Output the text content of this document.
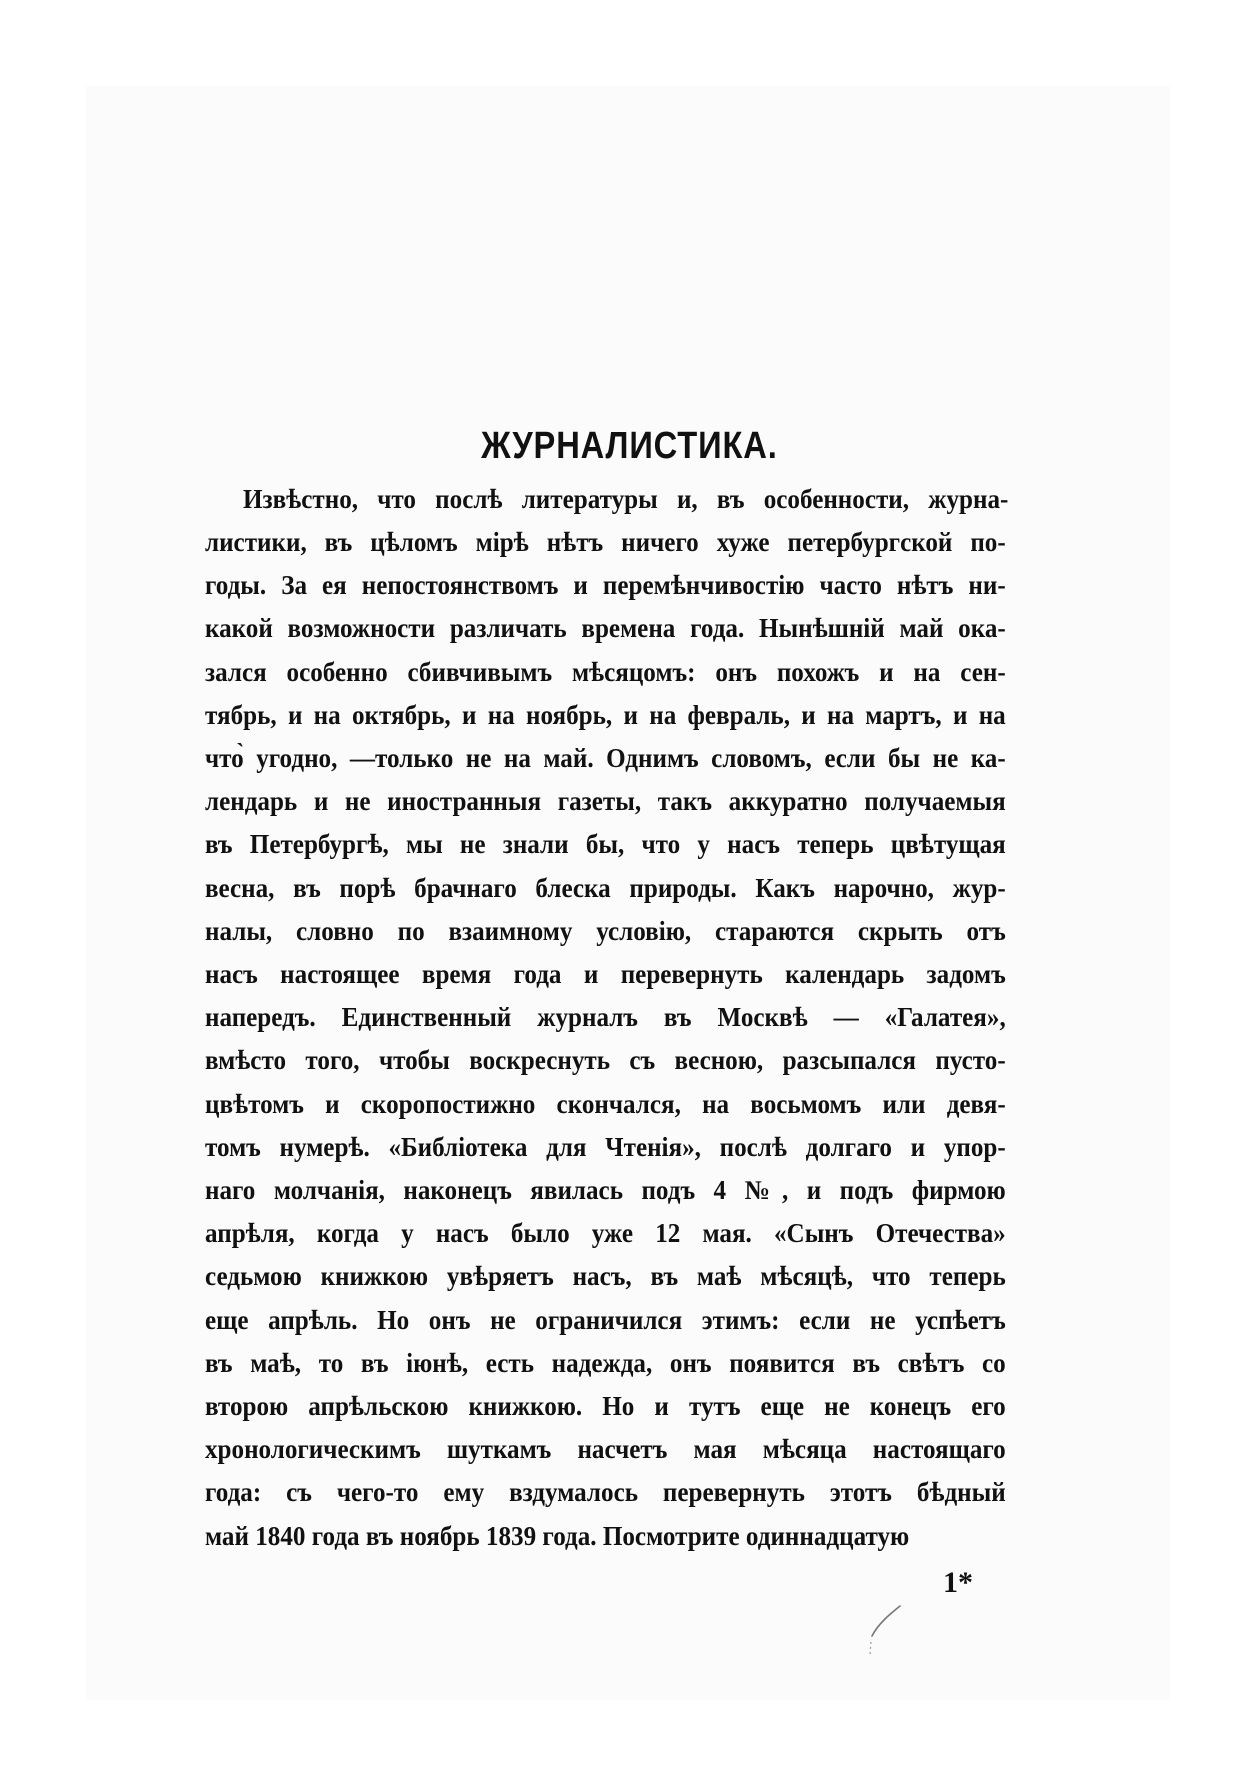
ЖУРНАЛИСТИКА.

Извѣстно, что послѣ литературы и, въ особенности, журна-

листики, въ цѣломъ мірѣ нѣтъ ничего хуже петербургской по-

годы. За ея непостоянствомъ и перемѣнчивостію часто нѣтъ ни-

какой возможности различать времена года. Нынѣшній май ока-

зался особенно сбивчивымъ мѣсяцомъ: онъ похожъ и на сен-

тябрь, и на октябрь, и на ноябрь, и на февраль, и на мартъ, и на

что̀ угодно, —только не на май. Однимъ словомъ, если бы не ка-

лендарь и не иностранныя газеты, такъ аккуратно получаемыя

въ Петербургѣ, мы не знали бы, что у насъ теперь цвѣтущая

весна, въ порѣ брачнаго блеска природы. Какъ нарочно, жур-

налы, словно по взаимному условію, стараются скрыть отъ

насъ настоящее время года и перевернуть календарь задомъ

напередъ. Единственный журналъ въ Москвѣ — «Галатея»,

вмѣсто того, чтобы воскреснуть съ весною, разсыпался пусто-

цвѣтомъ и скоропостижно скончался, на восьмомъ или девя-

томъ нумерѣ. «Библіотека для Чтенія», послѣ долгаго и упор-

наго молчанія, наконецъ явилась подъ 4 №, и подъ фирмою

апрѣля, когда у насъ было уже 12 мая. «Сынъ Отечества»

седьмою книжкою увѣряетъ насъ, въ маѣ мѣсяцѣ, что теперь

еще апрѣль. Но онъ не ограничился этимъ: если не успѣетъ

въ маѣ, то въ іюнѣ, есть надежда, онъ появится въ свѣтъ со

второю апрѣльскою книжкою. Но и тутъ еще не конецъ его

хронологическимъ шуткамъ насчетъ мая мѣсяца настоящаго

года: съ чего-то ему вздумалось перевернуть этотъ бѣдный

май 1840 года въ ноябрь 1839 года. Посмотрите одиннадцатую

1*
